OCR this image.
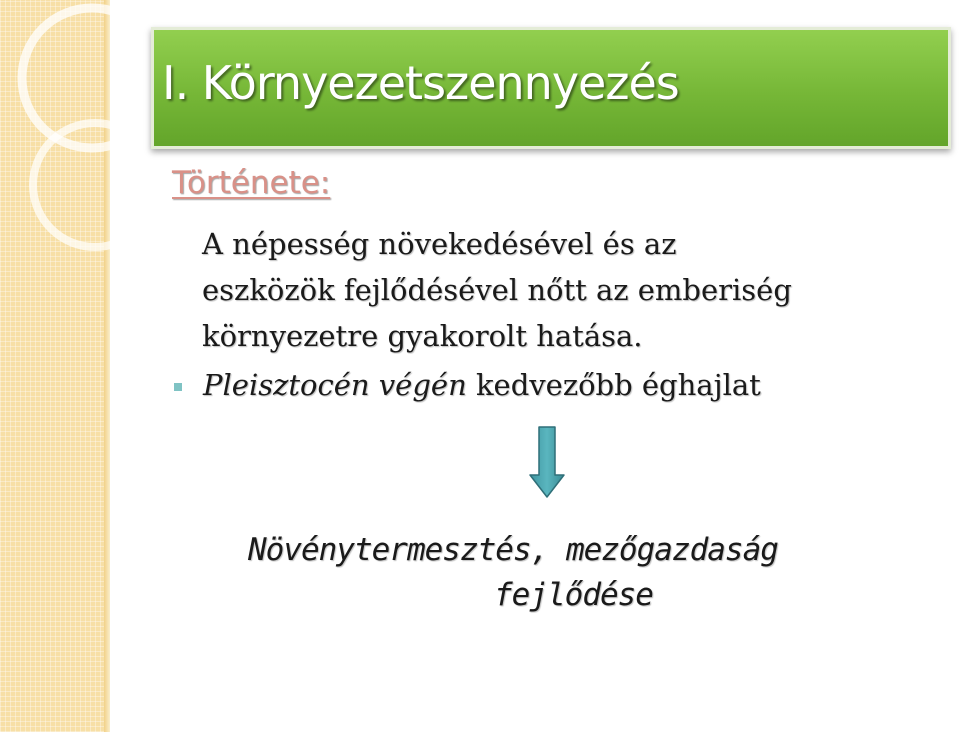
I. Környezetszennyezés
Története:
A népesség növekedésével és az
eszközök fejlődésével nőtt az emberiség
környezetre gyakorolt hatása.
Pleisztocén végén kedvezőbb éghajlat
Növénytermesztés, mezőgazdaság
fejlődése
